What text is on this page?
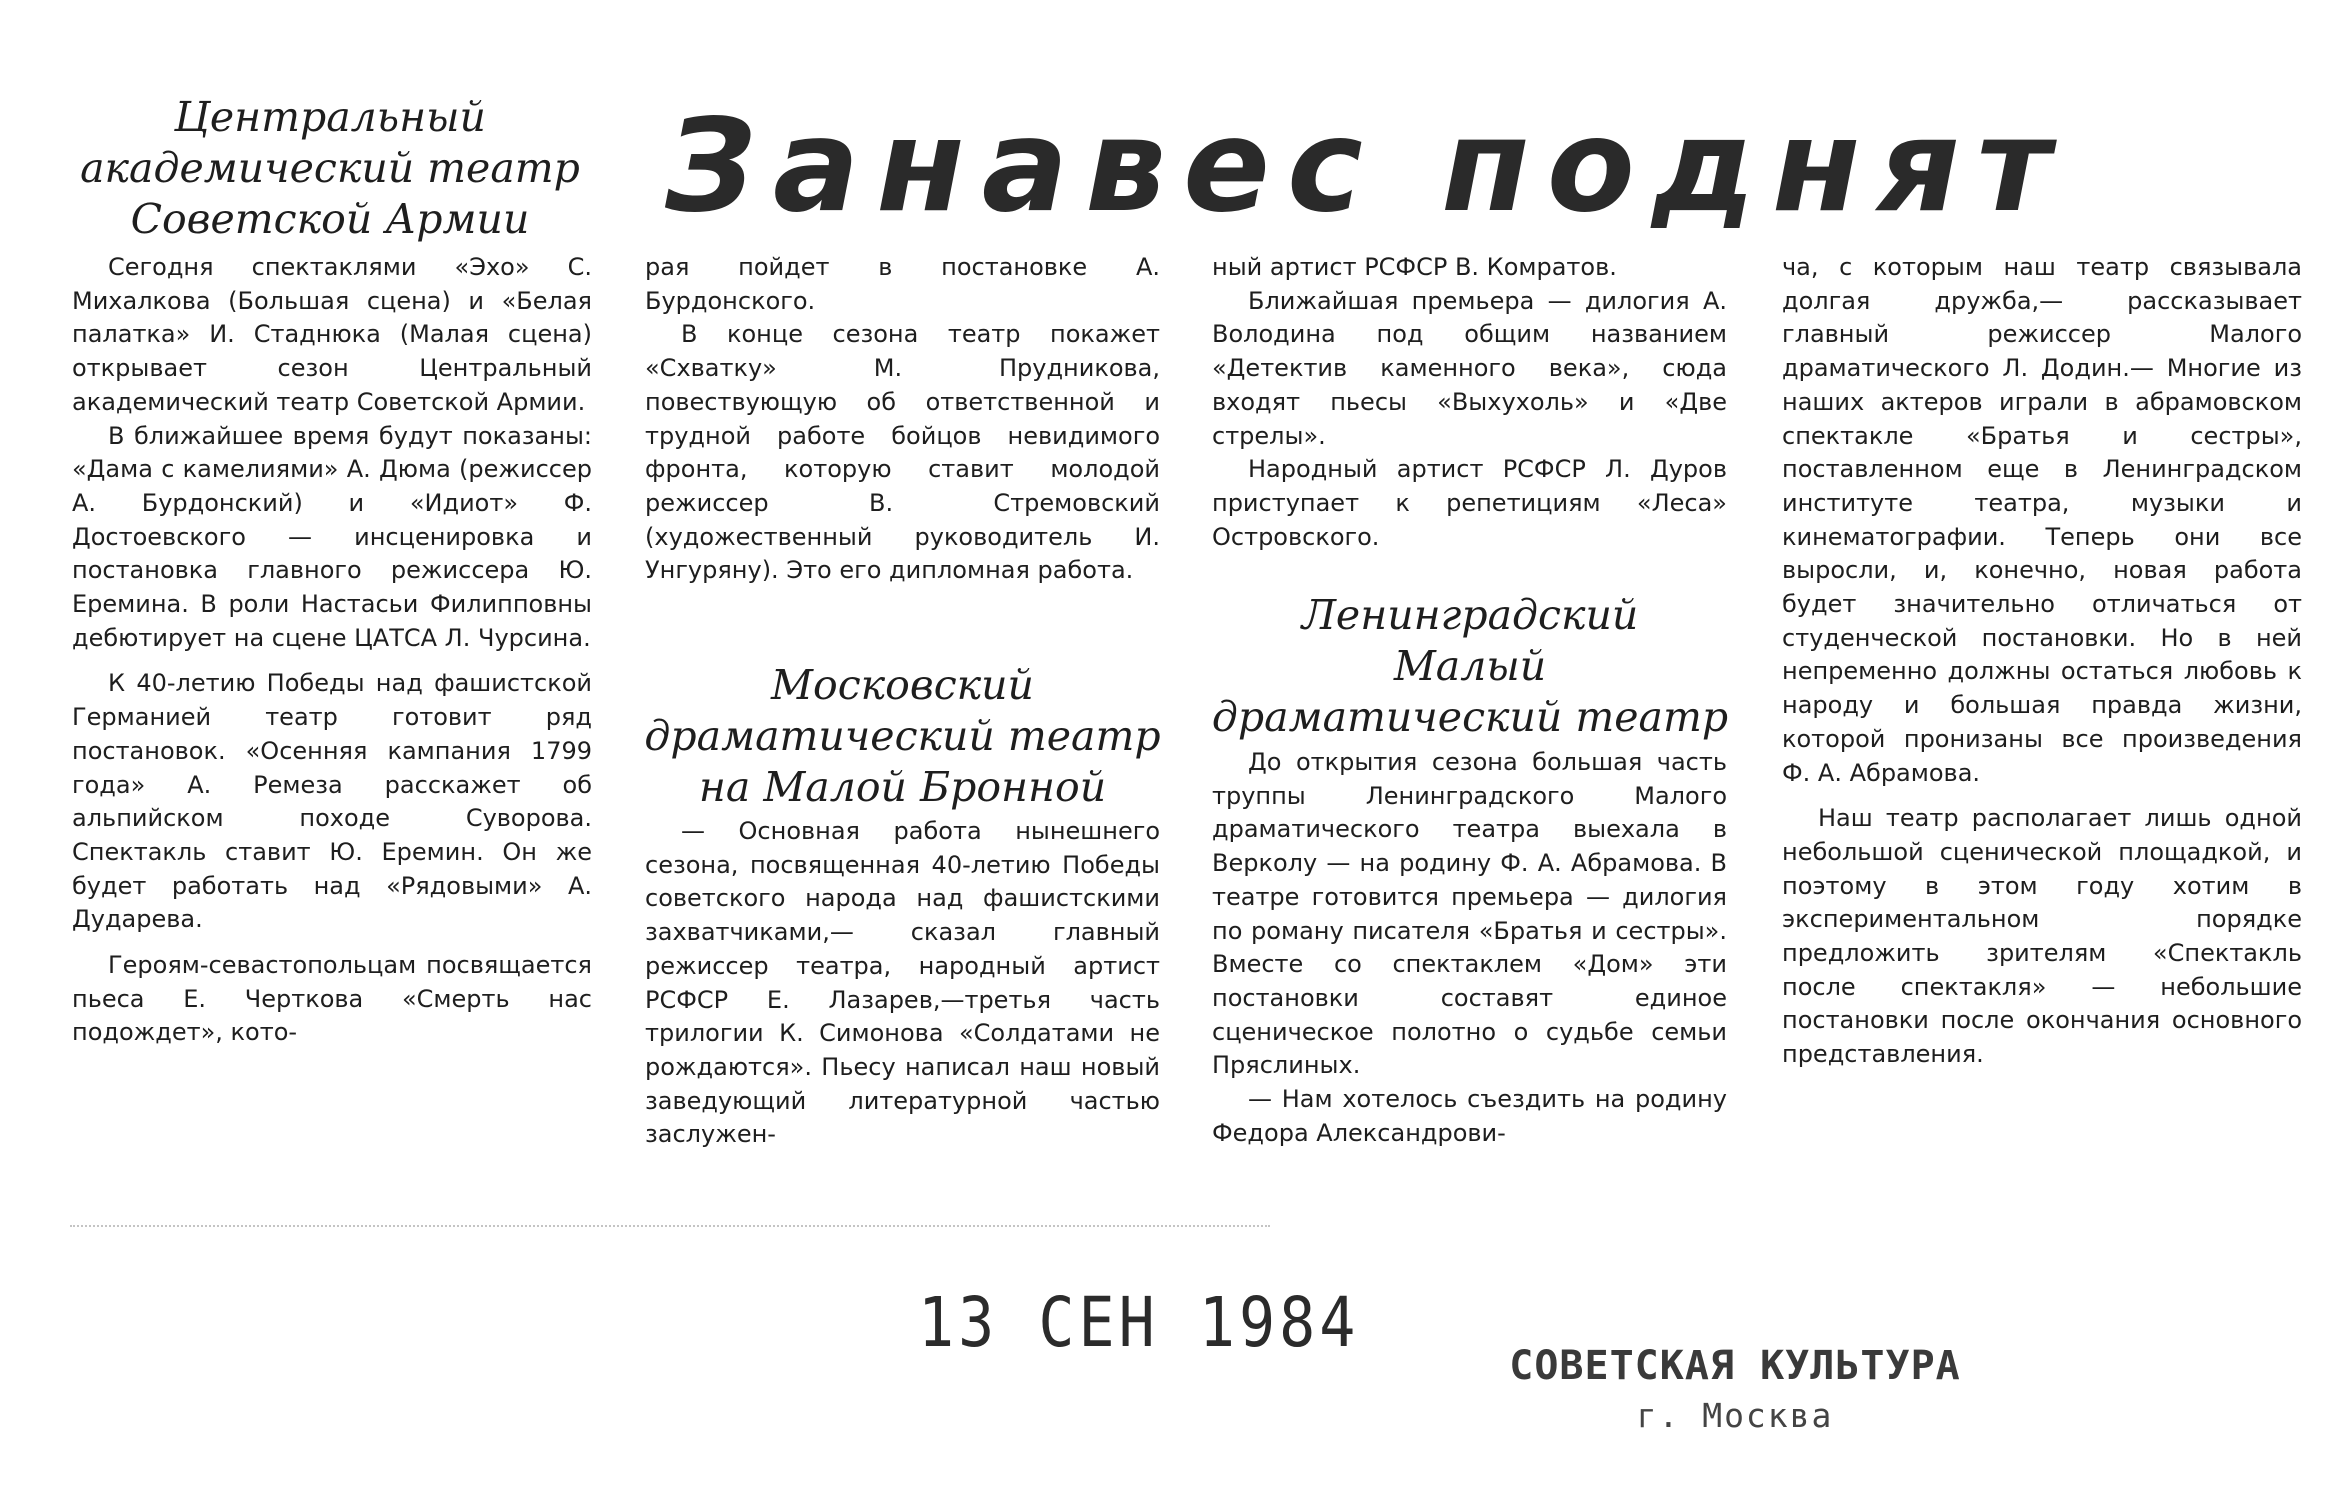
Центральный
академический театр
Советской Армии	Занавес поднят

Сегодня спектаклями «Эхо» С. Михалкова (Большая сцена) и «Белая палатка» И. Стаднюка (Малая сцена) открывает сезон Центральный академический театр Советской Армии.

В ближайшее время будут показаны: «Дама с камелиями» А. Дюма (режиссер А. Бурдонский) и «Идиот» Ф. Достоевского — инсценировка и постановка главного режиссера Ю. Еремина. В роли Настасьи Филипповны дебютирует на сцене ЦАТСА Л. Чурсина.

К 40-летию Победы над фашистской Германией театр готовит ряд постановок. «Осенняя кампания 1799 года» А. Ремеза расскажет об альпийском походе Суворова. Спектакль ставит Ю. Еремин. Он же будет работать над «Рядовыми» А. Дударева.

Героям-севастопольцам посвящается пьеса Е. Черткова «Смерть нас подождет», кото-

рая пойдет в постановке А. Бурдонского.

В конце сезона театр покажет «Схватку» М. Прудникова, повествующую об ответственной и трудной работе бойцов невидимого фронта, которую ставит молодой режиссер В. Стремовский (художественный руководитель И. Унгуряну). Это его дипломная работа.

Московский
драматический театр
на Малой Бронной

— Основная работа нынешнего сезона, посвященная 40-летию Победы советского народа над фашистскими захватчиками,— сказал главный режиссер театра, народный артист РСФСР Е. Лазарев,—третья часть трилогии К. Симонова «Солдатами не рождаются». Пьесу написал наш новый заведующий литературной частью заслужен-

ный артист РСФСР В. Комратов.

Ближайшая премьера — дилогия А. Володина под общим названием «Детектив каменного века», сюда входят пьесы «Выхухоль» и «Две стрелы».

Народный артист РСФСР Л. Дуров приступает к репетициям «Леса» Островского.

Ленинградский
Малый
драматический театр

До открытия сезона большая часть труппы Ленинградского Малого драматического театра выехала в Верколу — на родину Ф. А. Абрамова. В театре готовится премьера — дилогия по роману писателя «Братья и сестры». Вместе со спектаклем «Дом» эти постановки составят единое сценическое полотно о судьбе семьи Пряслиных.

— Нам хотелось съездить на родину Федора Александрови-

ча, с которым наш театр связывала долгая дружба,— рассказывает главный режиссер Малого драматического Л. Додин.— Многие из наших актеров играли в абрамовском спектакле «Братья и сестры», поставленном еще в Ленинградском институте театра, музыки и кинематографии. Теперь они все выросли, и, конечно, новая работа будет значительно отличаться от студенческой постановки. Но в ней непременно должны остаться любовь к народу и большая правда жизни, которой пронизаны все произведения Ф. А. Абрамова.

Наш театр располагает лишь одной небольшой сценической площадкой, и поэтому в этом году хотим в экспериментальном порядке предложить зрителям «Спектакль после спектакля» — небольшие постановки после окончания основного представления.

13 СЕН 1984
СОВЕТСКАЯ КУЛЬТУРА
г. Москва
